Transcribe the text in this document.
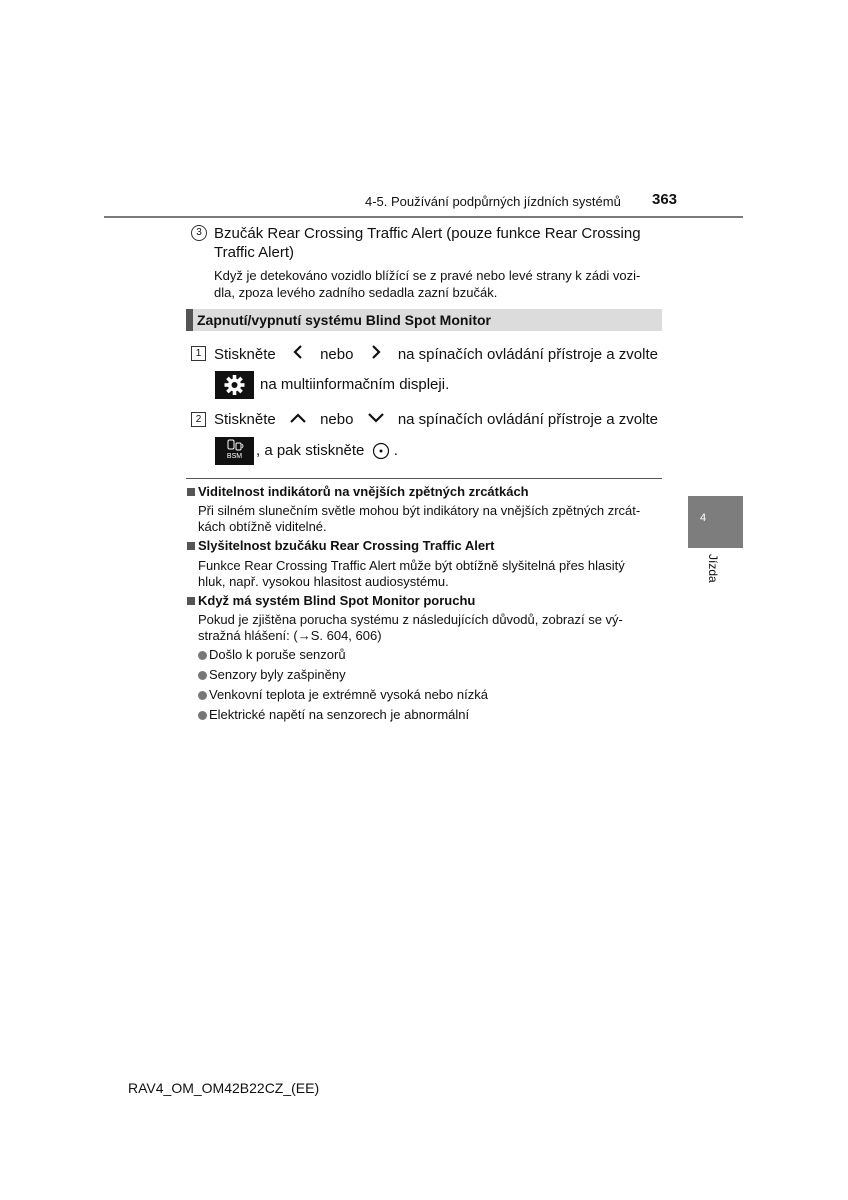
4-5. Používání podpůrných jízdních systémů 363
4
Jízda
3 Bzučák Rear Crossing Traffic Alert (pouze funkce Rear Crossing
Traffic Alert)
Když je detekováno vozidlo blížící se z pravé nebo levé strany k zádi vozi-
dla, zpoza levého zadního sedadla zazní bzučák.
Zapnutí/vypnutí systému Blind Spot Monitor
1 Stiskněte	nebo	na spínačích ovládání přístroje a zvolte
na multiinformačním displeji.
2 Stiskněte	nebo	na spínačích ovládání přístroje a zvolte
BSM , a pak stiskněte .
Viditelnost indikátorů na vnějších zpětných zrcátkách
Při silném slunečním světle mohou být indikátory na vnějších zpětných zrcát-
kách obtížně viditelné.
Slyšitelnost bzučáku Rear Crossing Traffic Alert
Funkce Rear Crossing Traffic Alert může být obtížně slyšitelná přes hlasitý
hluk, např. vysokou hlasitost audiosystému.
Když má systém Blind Spot Monitor poruchu
Pokud je zjištěna porucha systému z následujících důvodů, zobrazí se vý-
stražná hlášení: (→S. 604, 606)
Došlo k poruše senzorů
Senzory byly zašpiněny
Venkovní teplota je extrémně vysoká nebo nízká
Elektrické napětí na senzorech je abnormální
RAV4_OM_OM42B22CZ_(EE)
